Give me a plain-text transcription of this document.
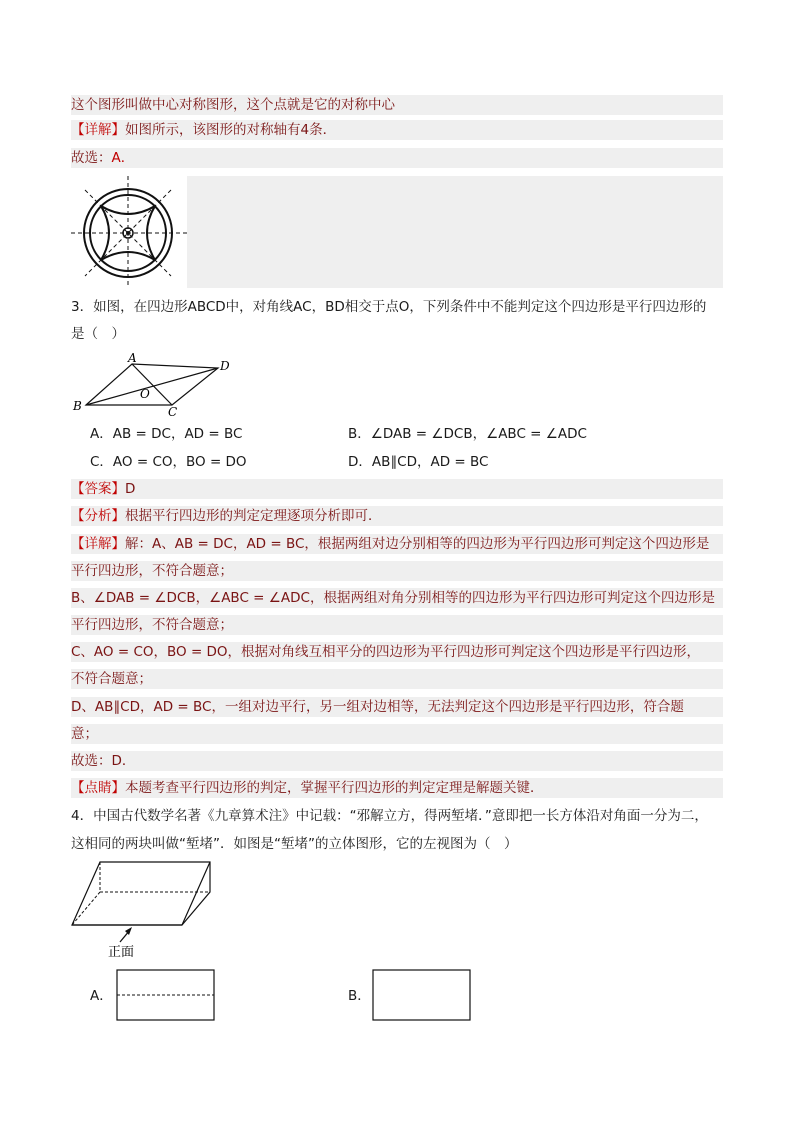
这个图形叫做中心对称图形，这个点就是它的对称中心
【详解】如图所示，该图形的对称轴有4条．
故选：A．
3．如图，在四边形ABCD中，对角线AC，BD相交于点O，下列条件中不能判定这个四边形是平行四边形的
是（　）
A
B	C
D
O
A．AB = DC，AD = BC	B．∠DAB = ∠DCB，∠ABC = ∠ADC
C．AO = CO，BO = DO	D．AB∥CD，AD = BC
【答案】D
【分析】根据平行四边形的判定定理逐项分析即可．
【详解】解：A、AB = DC，AD = BC，根据两组对边分别相等的四边形为平行四边形可判定这个四边形是
平行四边形，不符合题意；
B、∠DAB = ∠DCB，∠ABC = ∠ADC，根据两组对角分别相等的四边形为平行四边形可判定这个四边形是
平行四边形，不符合题意；
C、AO = CO，BO = DO，根据对角线互相平分的四边形为平行四边形可判定这个四边形是平行四边形，
不符合题意；
D、AB∥CD，AD = BC，一组对边平行，另一组对边相等，无法判定这个四边形是平行四边形，符合题
意；
故选：D．
【点睛】本题考查平行四边形的判定，掌握平行四边形的判定定理是解题关键．
4．中国古代数学名著《九章算术注》中记载：“邪解立方，得两堑堵．”意即把一长方体沿对角面一分为二，
这相同的两块叫做“堑堵”．如图是“堑堵”的立体图形，它的左视图为（　）
正面
A．	B．
